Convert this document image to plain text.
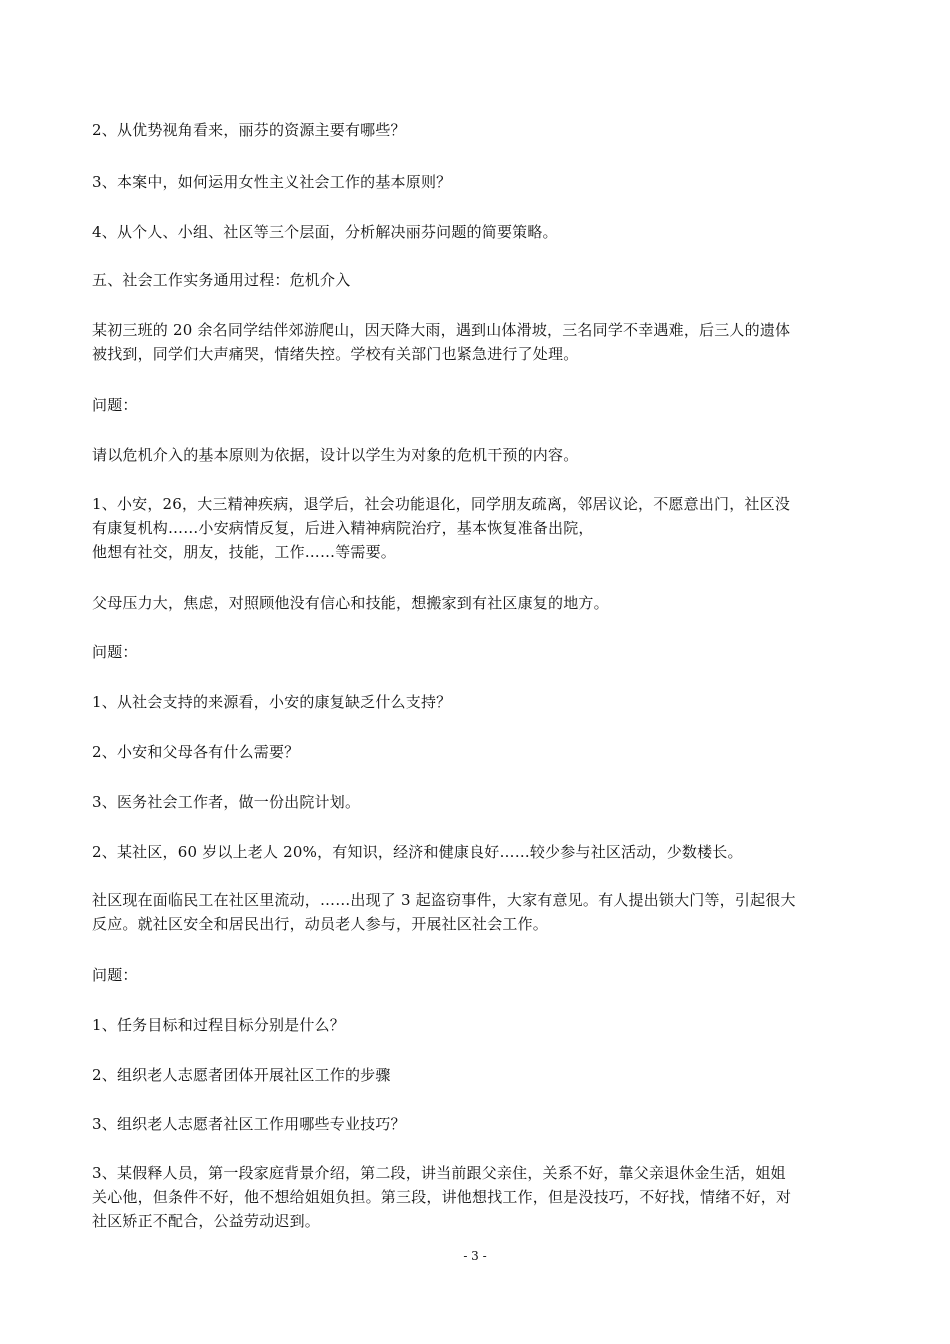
2、从优势视角看来，丽芬的资源主要有哪些？

3、本案中，如何运用女性主义社会工作的基本原则？

4、从个人、小组、社区等三个层面，分析解决丽芬问题的简要策略。

五、社会工作实务通用过程：危机介入

某初三班的 20 余名同学结伴郊游爬山，因天降大雨，遇到山体滑坡，三名同学不幸遇难，后三人的遗体
被找到，同学们大声痛哭，情绪失控。学校有关部门也紧急进行了处理。

问题：

请以危机介入的基本原则为依据，设计以学生为对象的危机干预的内容。

1、小安，26，大三精神疾病，退学后，社会功能退化，同学朋友疏离，邻居议论，不愿意出门，社区没
有康复机构……小安病情反复，后进入精神病院治疗，基本恢复准备出院，
他想有社交，朋友，技能，工作……等需要。

父母压力大，焦虑，对照顾他没有信心和技能，想搬家到有社区康复的地方。

问题：

1、从社会支持的来源看，小安的康复缺乏什么支持？

2、小安和父母各有什么需要？

3、医务社会工作者，做一份出院计划。

2、某社区，60 岁以上老人 20%，有知识，经济和健康良好……较少参与社区活动，少数楼长。

社区现在面临民工在社区里流动，……出现了 3 起盗窃事件，大家有意见。有人提出锁大门等，引起很大
反应。就社区安全和居民出行，动员老人参与，开展社区社会工作。

问题：

1、任务目标和过程目标分别是什么？

2、组织老人志愿者团体开展社区工作的步骤

3、组织老人志愿者社区工作用哪些专业技巧？

3、某假释人员，第一段家庭背景介绍，第二段，讲当前跟父亲住，关系不好，靠父亲退休金生活，姐姐
关心他，但条件不好，他不想给姐姐负担。第三段，讲他想找工作，但是没技巧，不好找，情绪不好，对
社区矫正不配合，公益劳动迟到。

- 3 -
